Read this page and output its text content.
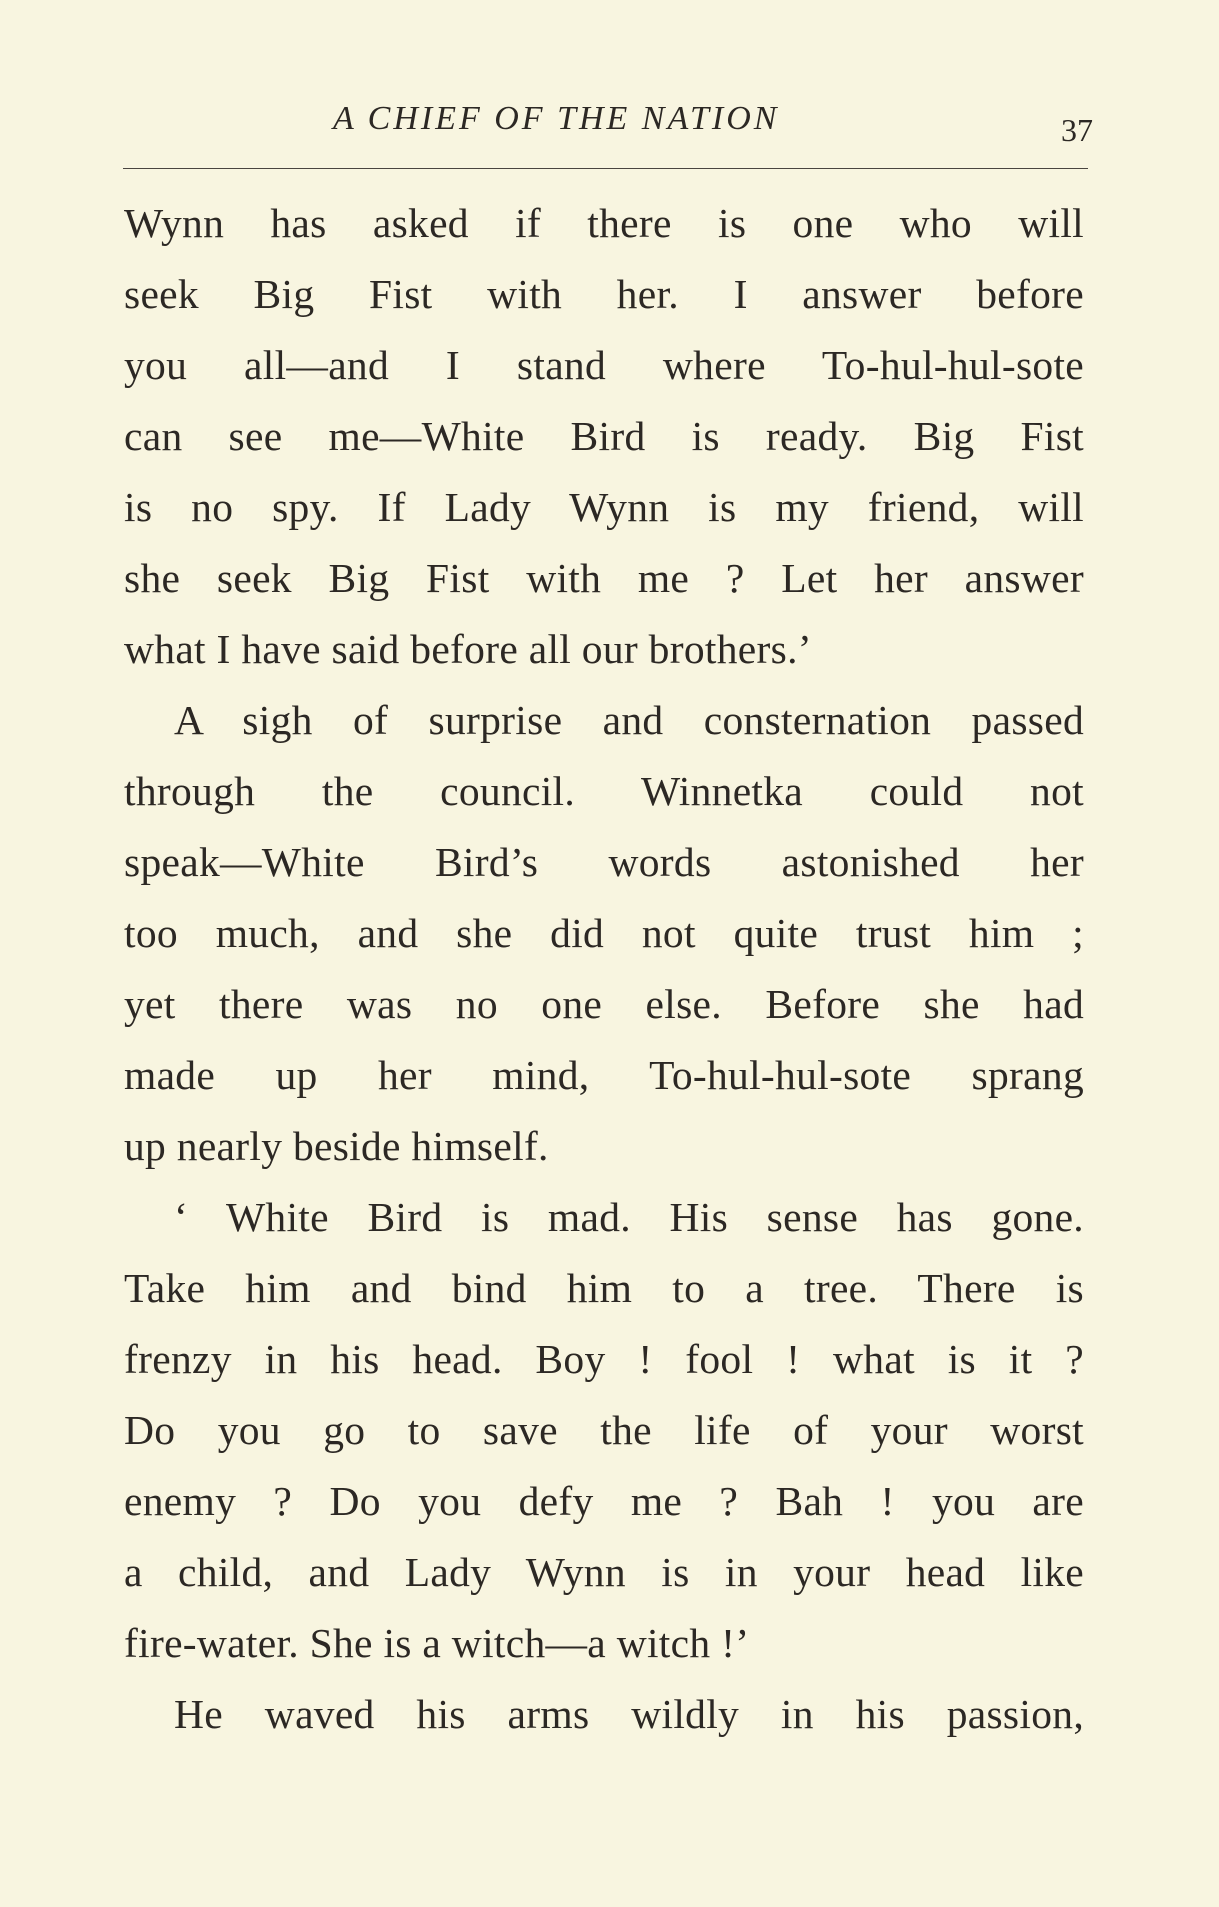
A CHIEF OF THE NATION	37
Wynn has asked if there is one who will
seek Big Fist with her. I answer before
you all—and I stand where To-hul-hul-sote
can see me—White Bird is ready. Big Fist
is no spy. If Lady Wynn is my friend, will
she seek Big Fist with me ? Let her answer
what I have said before all our brothers.’
A sigh of surprise and consternation passed
through the council. Winnetka could not
speak—White Bird’s words astonished her
too much, and she did not quite trust him ;
yet there was no one else. Before she had
made up her mind, To-hul-hul-sote sprang
up nearly beside himself.
‘ White Bird is mad. His sense has gone.
Take him and bind him to a tree. There is
frenzy in his head. Boy ! fool ! what is it ?
Do you go to save the life of your worst
enemy ? Do you defy me ? Bah ! you are
a child, and Lady Wynn is in your head like
fire-water. She is a witch—a witch !’
He waved his arms wildly in his passion,
